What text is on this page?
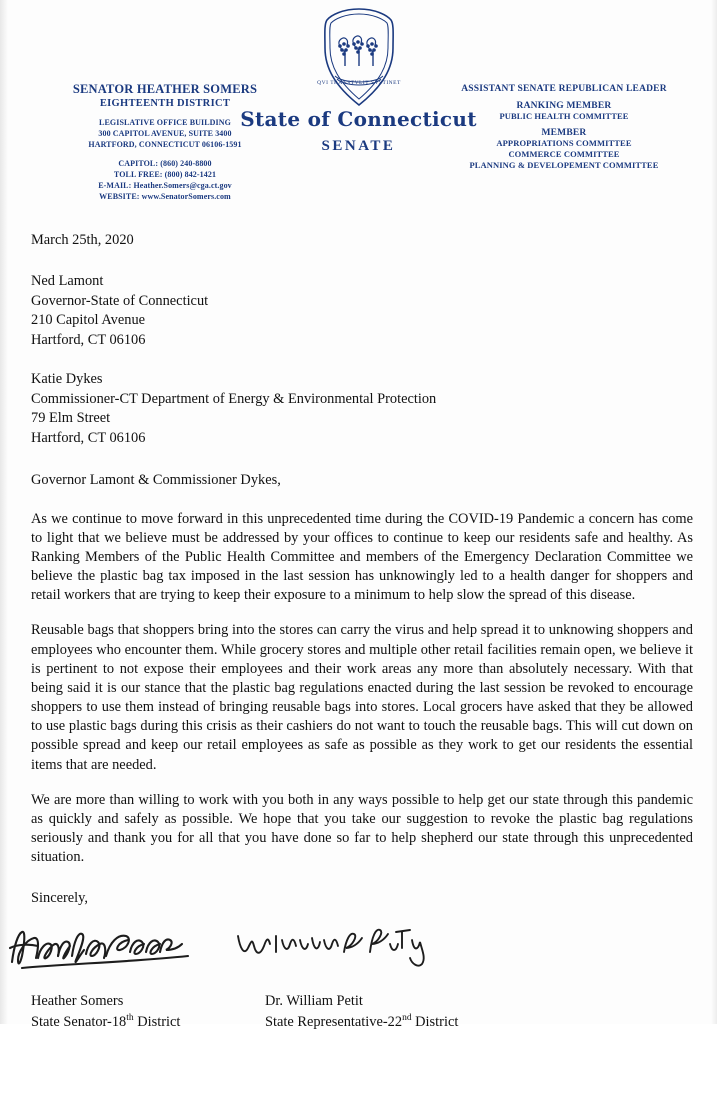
QVI TRANSTVLIT SVSTINET
State of Connecticut
SENATE
SENATOR HEATHER SOMERS
EIGHTEENTH DISTRICT
LEGISLATIVE OFFICE BUILDING
300 CAPITOL AVENUE, SUITE 3400
HARTFORD, CONNECTICUT 06106-1591
CAPITOL: (860) 240-8800
TOLL FREE: (800) 842-1421
E-MAIL: Heather.Somers@cga.ct.gov
WEBSITE: www.SenatorSomers.com
ASSISTANT SENATE REPUBLICAN LEADER
RANKING MEMBER
PUBLIC HEALTH COMMITTEE
MEMBER
APPROPRIATIONS COMMITTEE
COMMERCE COMMITTEE
PLANNING & DEVELOPEMENT COMMITTEE
March 25th, 2020
Ned Lamont
Governor-State of Connecticut
210 Capitol Avenue
Hartford, CT 06106
Katie Dykes
Commissioner-CT Department of Energy & Environmental Protection
79 Elm Street
Hartford, CT 06106
Governor Lamont & Commissioner Dykes,

As we continue to move forward in this unprecedented time during the COVID-19 Pandemic a concern has come to light that we believe must be addressed by your offices to continue to keep our residents safe and healthy. As Ranking Members of the Public Health Committee and members of the Emergency Declaration Committee we believe the plastic bag tax imposed in the last session has unknowingly led to a health danger for shoppers and retail workers that are trying to keep their exposure to a minimum to help slow the spread of this disease.

Reusable bags that shoppers bring into the stores can carry the virus and help spread it to unknowing shoppers and employees who encounter them. While grocery stores and multiple other retail facilities remain open, we believe it is pertinent to not expose their employees and their work areas any more than absolutely necessary. With that being said it is our stance that the plastic bag regulations enacted during the last session be revoked to encourage shoppers to use them instead of bringing reusable bags into stores. Local grocers have asked that they be allowed to use plastic bags during this crisis as their cashiers do not want to touch the reusable bags. This will cut down on possible spread and keep our retail employees as safe as possible as they work to get our residents the essential items that are needed.

We are more than willing to work with you both in any ways possible to help get our state through this pandemic as quickly and safely as possible. We hope that you take our suggestion to revoke the plastic bag regulations seriously and thank you for all that you have done so far to help shepherd our state through this unprecedented situation.

Sincerely,
Heather Somers
State Senator-18th District
Dr. William Petit
State Representative-22nd District
